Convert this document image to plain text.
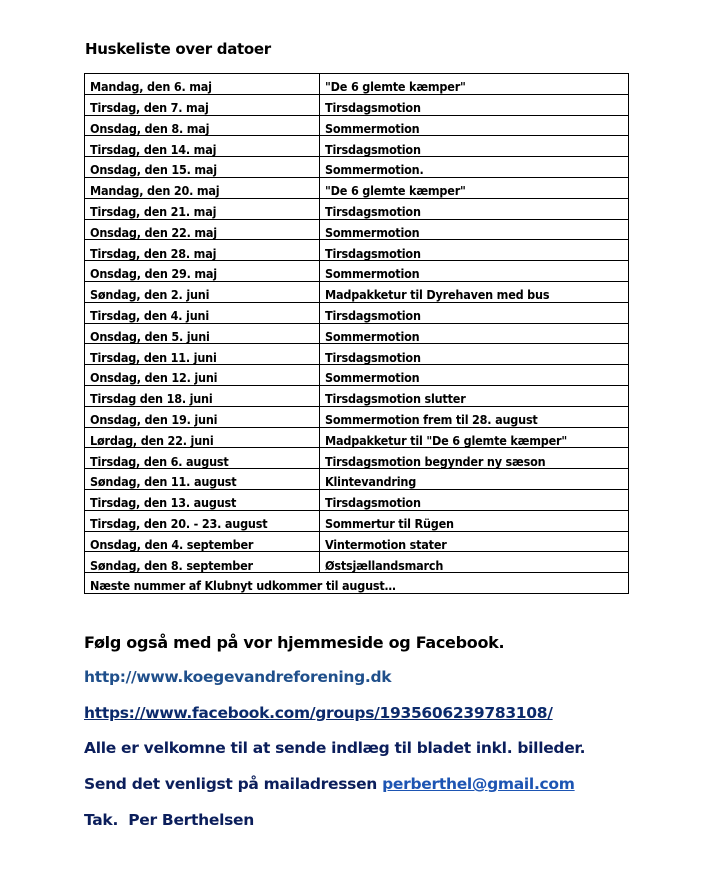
Huskeliste over datoer
Mandag, den 6. maj	"De 6 glemte kæmper"
Tirsdag, den 7. maj	Tirsdagsmotion
Onsdag, den 8. maj	Sommermotion
Tirsdag, den 14. maj	Tirsdagsmotion
Onsdag, den 15. maj	Sommermotion.
Mandag, den 20. maj	"De 6 glemte kæmper"
Tirsdag, den 21. maj	Tirsdagsmotion
Onsdag, den 22. maj	Sommermotion
Tirsdag, den 28. maj	Tirsdagsmotion
Onsdag, den 29. maj	Sommermotion
Søndag, den 2. juni	Madpakketur til Dyrehaven med bus
Tirsdag, den 4. juni	Tirsdagsmotion
Onsdag, den 5. juni	Sommermotion
Tirsdag, den 11. juni	Tirsdagsmotion
Onsdag, den 12. juni	Sommermotion
Tirsdag den 18. juni	Tirsdagsmotion slutter
Onsdag, den 19. juni	Sommermotion frem til 28. august
Lørdag, den 22. juni	Madpakketur til "De 6 glemte kæmper"
Tirsdag, den 6. august	Tirsdagsmotion begynder ny sæson
Søndag, den 11. august	Klintevandring
Tirsdag, den 13. august	Tirsdagsmotion
Tirsdag, den 20. - 23. august	Sommertur til Rügen
Onsdag, den 4. september	Vintermotion stater
Søndag, den 8. september	Østsjællandsmarch
Næste nummer af Klubnyt udkommer til august…	
Følg også med på vor hjemmeside og Facebook.
http://www.koegevandreforening.dk
https://www.facebook.com/groups/1935606239783108/
Alle er velkomne til at sende indlæg til bladet inkl. billeder.
Send det venligst på mailadressen perberthel@gmail.com
Tak.  Per Berthelsen
